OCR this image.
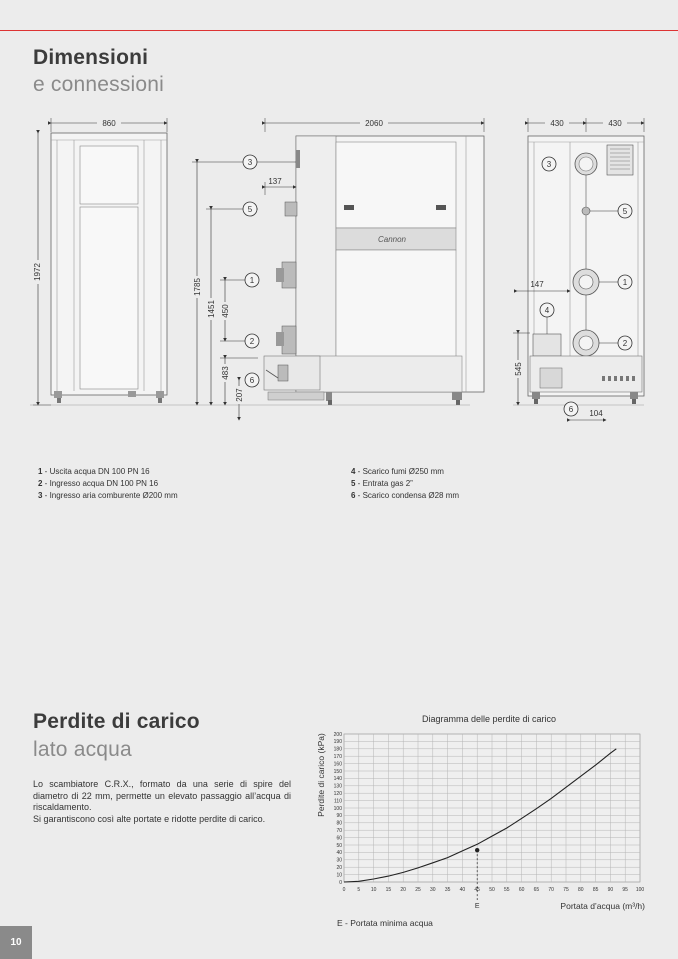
Dimensioni
e connessioni
860
1972
Cannon
2060
137
1785
1451 450
483
207
3
5
1
2
6
430	430
147
545
104
3
5
1
2
4
6
1 - Uscita acqua DN 100 PN 16
2 - Ingresso acqua DN 100 PN 16
3 - Ingresso aria comburente Ø200 mm
4 - Scarico fumi Ø250 mm
5 - Entrata gas 2”
6 - Scarico condensa Ø28 mm
Perdite di carico
lato acqua

Lo scambiatore C.R.X., formato da una serie di spire del diametro di 22 mm, permette un elevato passaggio all’acqua di riscaldamento.

Si garantiscono così alte portate e ridotte perdite di carico.

Diagramma delle perdite di carico
Perdite di carico (kPa)
Portata d’acqua (m³/h)
E - Portata minima acqua
0 5 10 15 20 25 30 35 40 45 50 55 60 65 70 75 80 85 90 95 100
0
10
20
30
40
50
60
70
80
90
100
110
120
130
140
150
160
170
180
190
200
E
10
